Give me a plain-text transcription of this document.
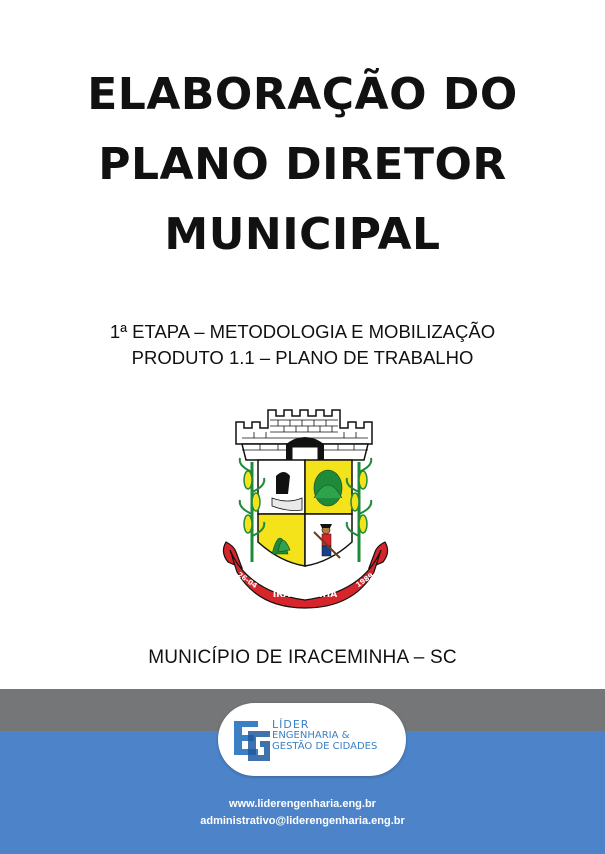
ELABORAÇÃO DO
PLANO DIRETOR
MUNICIPAL
1ª ETAPA – METODOLOGIA E MOBILIZAÇÃO
PRODUTO 1.1 – PLANO DE TRABALHO
IRACEMINHA
26-04	1989
MUNICÍPIO DE IRACEMINHA – SC
LÍDER
ENGENHARIA &
GESTÃO DE CIDADES
www.liderengenharia.eng.br
administrativo@liderengenharia.eng.br
